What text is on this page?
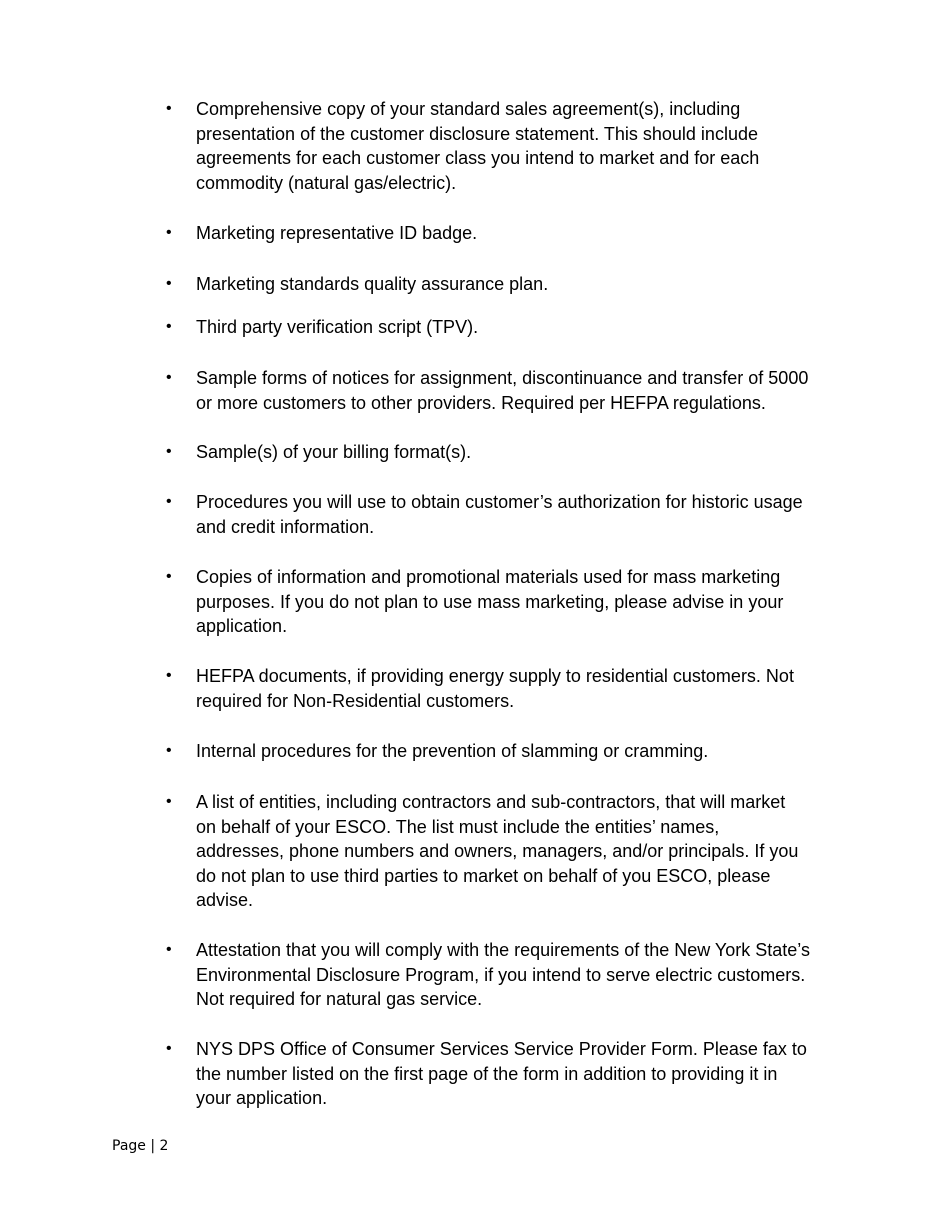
•	Comprehensive copy of your standard sales agreement(s), including
presentation of the customer disclosure statement. This should include
agreements for each customer class you intend to market and for each
commodity (natural gas/electric).
•	Marketing representative ID badge.
•	Marketing standards quality assurance plan.
•	Third party verification script (TPV).
•	Sample forms of notices for assignment, discontinuance and transfer of 5000
or more customers to other providers. Required per HEFPA regulations.
•	Sample(s) of your billing format(s).
•	Procedures you will use to obtain customer’s authorization for historic usage
and credit information.
•	Copies of information and promotional materials used for mass marketing
purposes. If you do not plan to use mass marketing, please advise in your
application.
•	HEFPA documents, if providing energy supply to residential customers. Not
required for Non-Residential customers.
•	Internal procedures for the prevention of slamming or cramming.
•	A list of entities, including contractors and sub-contractors, that will market
on behalf of your ESCO. The list must include the entities’ names,
addresses, phone numbers and owners, managers, and/or principals. If you
do not plan to use third parties to market on behalf of you ESCO, please
advise.
•	Attestation that you will comply with the requirements of the New York State’s
Environmental Disclosure Program, if you intend to serve electric customers.
Not required for natural gas service.
•	NYS DPS Office of Consumer Services Service Provider Form. Please fax to
the number listed on the first page of the form in addition to providing it in
your application.
Page | 2
